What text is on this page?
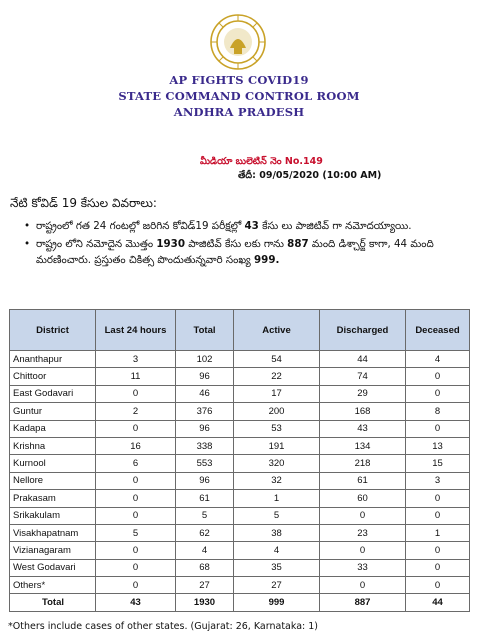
AP FIGHTS COVID19
STATE COMMAND CONTROL ROOM
ANDHRA PRADESH
మీడియా బులెటిన్ నెం No.149
తేదీ: 09/05/2020 (10:00 AM)
నేటి కోవిడ్ 19 కేసుల వివరాలు:
• రాష్ట్రంలో గత 24 గంటల్లో జరిగిన కోవిడ్19 పరీక్షల్లో 43 కేసు లు పాజిటివ్ గా నమోదయ్యాయి.
• రాష్ట్రం లోని నమోదైన మొత్తం 1930 పాజిటివ్ కేసు లకు గాను 887 మంది డిశ్చార్జ్ కాగా, 44 మంది మరణించారు. ప్రస్తుతం చికిత్స పొందుతున్నవారి సంఖ్య 999.
District	Last 24 hours	Total	Active	Discharged	Deceased
Ananthapur	3	102	54	44	4
Chittoor	11	96	22	74	0
East Godavari	0	46	17	29	0
Guntur	2	376	200	168	8
Kadapa	0	96	53	43	0
Krishna	16	338	191	134	13
Kurnool	6	553	320	218	15
Nellore	0	96	32	61	3
Prakasam	0	61	1	60	0
Srikakulam	0	5	5	0	0
Visakhapatnam	5	62	38	23	1
Vizianagaram	0	4	4	0	0
West Godavari	0	68	35	33	0
Others*	0	27	27	0	0
Total	43	1930	999	887	44
*Others include cases of other states. (Gujarat: 26, Karnataka: 1)
